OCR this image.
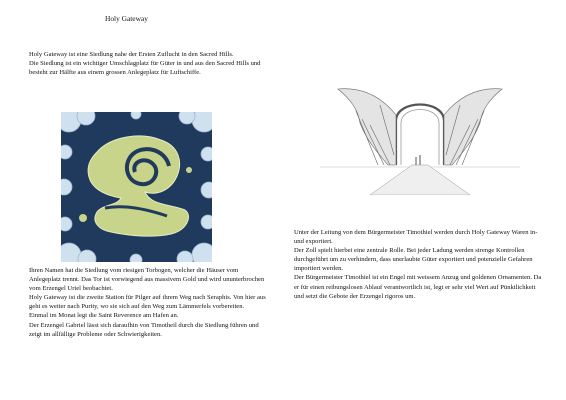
Holy Gateway
Holy Gateway ist eine Siedlung nahe der Ersten Zuflucht in den Sacred Hills.
Die Siedlung ist ein wichtiger Umschlagplatz für Güter in und aus den Sacred Hills und besteht zur Hälfte aus einem grossen Anlegeplatz für Luftschiffe.
Ihren Namen hat die Siedlung vom riesigen Torbogen, welcher die Häuser vom Anlegeplatz trennt. Das Tor ist vorwiegend aus massivem Gold und wird ununterbrochen vom Erzengel Uriel beobachtet.
Holy Gateway ist die zweite Station für Pilger auf ihrem Weg nach Seraphis. Von hier aus geht es weiter nach Purity, wo sie sich auf den Weg zum Lämmerfels vorbereiten.
Einmal im Monat legt die Saint Reverence am Hafen an.
Der Erzengel Gabriel lässt sich daraufhin von Timotheil durch die Siedlung führen und zeigt im allfällige Probleme oder Schwierigkeiten.
Unter der Leitung von dem Bürgermeister Timothiel werden durch Holy Gateway Waren in- und exportiert.
Der Zoll spielt hierbei eine zentrale Rolle. Bei jeder Ladung werden strenge Kontrollen durchgeführt um zu verhindern, dass unerlaubte Güter exportiert und potenzielle Gefahren importiert werden.
Der Bürgermeister Timothiel ist ein Engel mit weissem Anzug und goldenen Ornamenten. Da er für einen reibungslosen Ablauf verantwortlich ist, legt er sehr viel Wert auf Pünktlichkeit und setzt die Gebote der Erzengel rigoros um.
